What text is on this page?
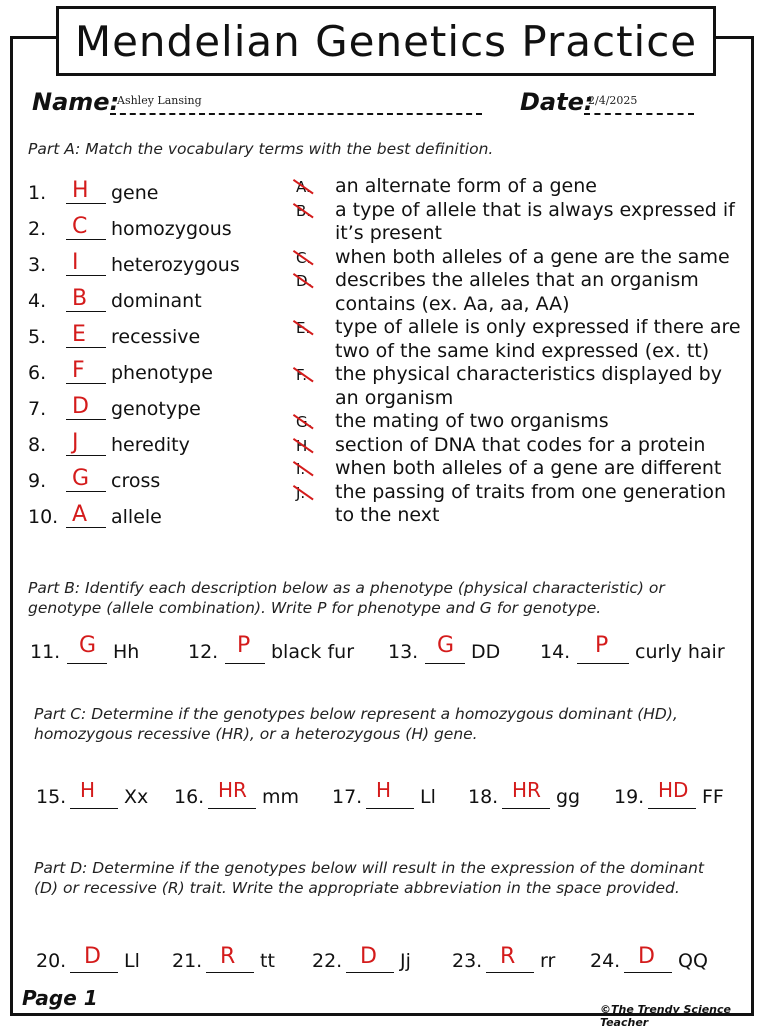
Mendelian Genetics Practice
Name:
Ashley Lansing	Date:
2/4/2025
Part A: Match the vocabulary terms with the best definition.
Part B: Identify each description below as a phenotype (physical characteristic) or genotype (allele combination). Write P for phenotype and G for genotype.
Part C: Determine if the genotypes below represent a homozygous dominant (HD), homozygous recessive (HR), or a heterozygous (H) gene.
Part D: Determine if the genotypes below will result in the expression of the dominant (D) or recessive (R) trait. Write the appropriate abbreviation in the space provided.
Page 1	©The Trendy Science Teacher
1. H gene
2. C homozygous
3. I heterozygous
4. B dominant
5. E recessive
6. F phenotype
7. D genotype
8. J heredity
9. G cross
10. A allele
A. an alternate form of a gene
B. a type of allele that is always expressed if
it’s present
C. when both alleles of a gene are the same
D. describes the alleles that an organism
contains (ex. Aa, aa, AA)
E. type of allele is only expressed if there are
two of the same kind expressed (ex. tt)
F. the physical characteristics displayed by
an organism
G. the mating of two organisms
H. section of DNA that codes for a protein
I. when both alleles of a gene are different
J. the passing of traits from one generation
to the next
11. G Hh	12. P black fur 13. G DD 14. P curly hair
15. H Xx 16. HR mm 17. H Ll 18. HR gg 19. HD FF
20. D Ll 21. R tt 22. D Jj 23. R rr 24. D QQ
